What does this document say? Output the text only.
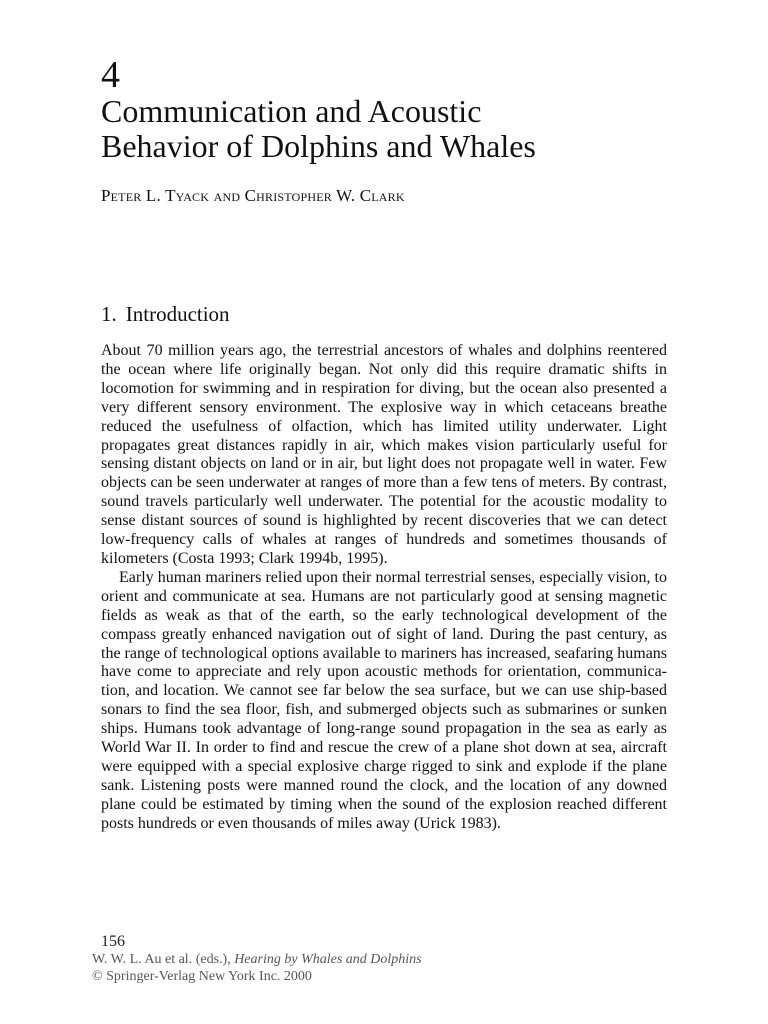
4
Communication and Acoustic
Behavior of Dolphins and Whales
Peter L. Tyack and Christopher W. Clark
1. Introduction

About 70 million years ago, the terrestrial ancestors of whales and dolphins reentered the ocean where life originally began. Not only did this require dramatic shifts in locomotion for swimming and in respiration for diving, but the ocean also presented a very different sensory environment. The explosive way in which cetaceans breathe reduced the usefulness of olfaction, which has limited utility underwater. Light propagates great distances rapidly in air, which makes vision particularly useful for sensing distant objects on land or in air, but light does not propagate well in water. Few objects can be seen underwater at ranges of more than a few tens of meters. By contrast, sound travels particularly well underwater. The potential for the acoustic modality to sense distant sources of sound is highlighted by recent discoveries that we can detect low-frequency calls of whales at ranges of hundreds and sometimes thousands of kilometers (Costa 1993; Clark 1994b, 1995).

Early human mariners relied upon their normal terrestrial senses, especially vision, to orient and communicate at sea. Humans are not particularly good at sensing magnetic fields as weak as that of the earth, so the early technological development of the compass greatly enhanced navigation out of sight of land. During the past century, as the range of technological options available to mariners has increased, seafaring humans have come to appreciate and rely upon acoustic methods for orientation, communication, and location. We cannot see far below the sea surface, but we can use ship-based sonars to find the sea floor, fish, and submerged objects such as submarines or sunken ships. Humans took advantage of long-range sound propagation in the sea as early as World War II. In order to find and rescue the crew of a plane shot down at sea, aircraft were equipped with a special explosive charge rigged to sink and explode if the plane sank. Listening posts were manned round the clock, and the location of any downed plane could be estimated by timing when the sound of the explosion reached different posts hundreds or even thousands of miles away (Urick 1983).

156
W. W. L. Au et al. (eds.), Hearing by Whales and Dolphins
© Springer-Verlag New York Inc. 2000
